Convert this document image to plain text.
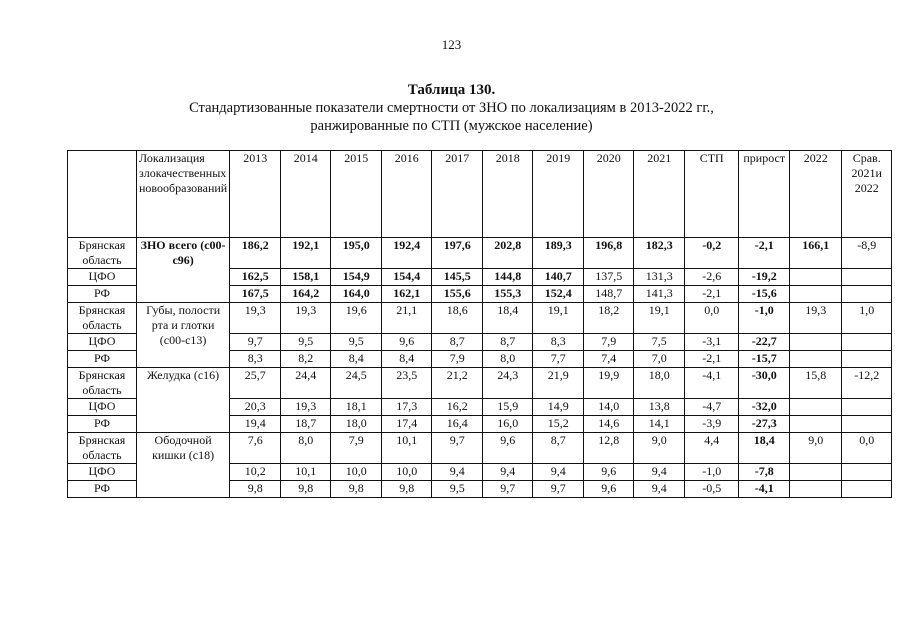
123
Таблица 130.
Стандартизованные показатели смертности от ЗНО по локализациям в 2013-2022 гг.,
ранжированные по СТП (мужское население)
	Локализация злокачественных новообразований	2013	2014	2015	2016	2017	2018	2019	2020	2021	СТП	прирост	2022	Срав. 2021и 2022
Брянская область	ЗНО всего (с00-с96)	186,2	192,1	195,0	192,4	197,6	202,8	189,3	196,8	182,3	-0,2	-2,1	166,1	-8,9
ЦФО		162,5	158,1	154,9	154,4	145,5	144,8	140,7	137,5	131,3	-2,6	-19,2		
РФ		167,5	164,2	164,0	162,1	155,6	155,3	152,4	148,7	141,3	-2,1	-15,6		
Брянская область	Губы, полости рта и глотки (с00-с13)	19,3	19,3	19,6	21,1	18,6	18,4	19,1	18,2	19,1	0,0	-1,0	19,3	1,0
ЦФО		9,7	9,5	9,5	9,6	8,7	8,7	8,3	7,9	7,5	-3,1	-22,7		
РФ		8,3	8,2	8,4	8,4	7,9	8,0	7,7	7,4	7,0	-2,1	-15,7		
Брянская область	Желудка (с16)	25,7	24,4	24,5	23,5	21,2	24,3	21,9	19,9	18,0	-4,1	-30,0	15,8	-12,2
ЦФО		20,3	19,3	18,1	17,3	16,2	15,9	14,9	14,0	13,8	-4,7	-32,0		
РФ		19,4	18,7	18,0	17,4	16,4	16,0	15,2	14,6	14,1	-3,9	-27,3		
Брянская область	Ободочной кишки (с18)	7,6	8,0	7,9	10,1	9,7	9,6	8,7	12,8	9,0	4,4	18,4	9,0	0,0
ЦФО		10,2	10,1	10,0	10,0	9,4	9,4	9,4	9,6	9,4	-1,0	-7,8		
РФ		9,8	9,8	9,8	9,8	9,5	9,7	9,7	9,6	9,4	-0,5	-4,1		
